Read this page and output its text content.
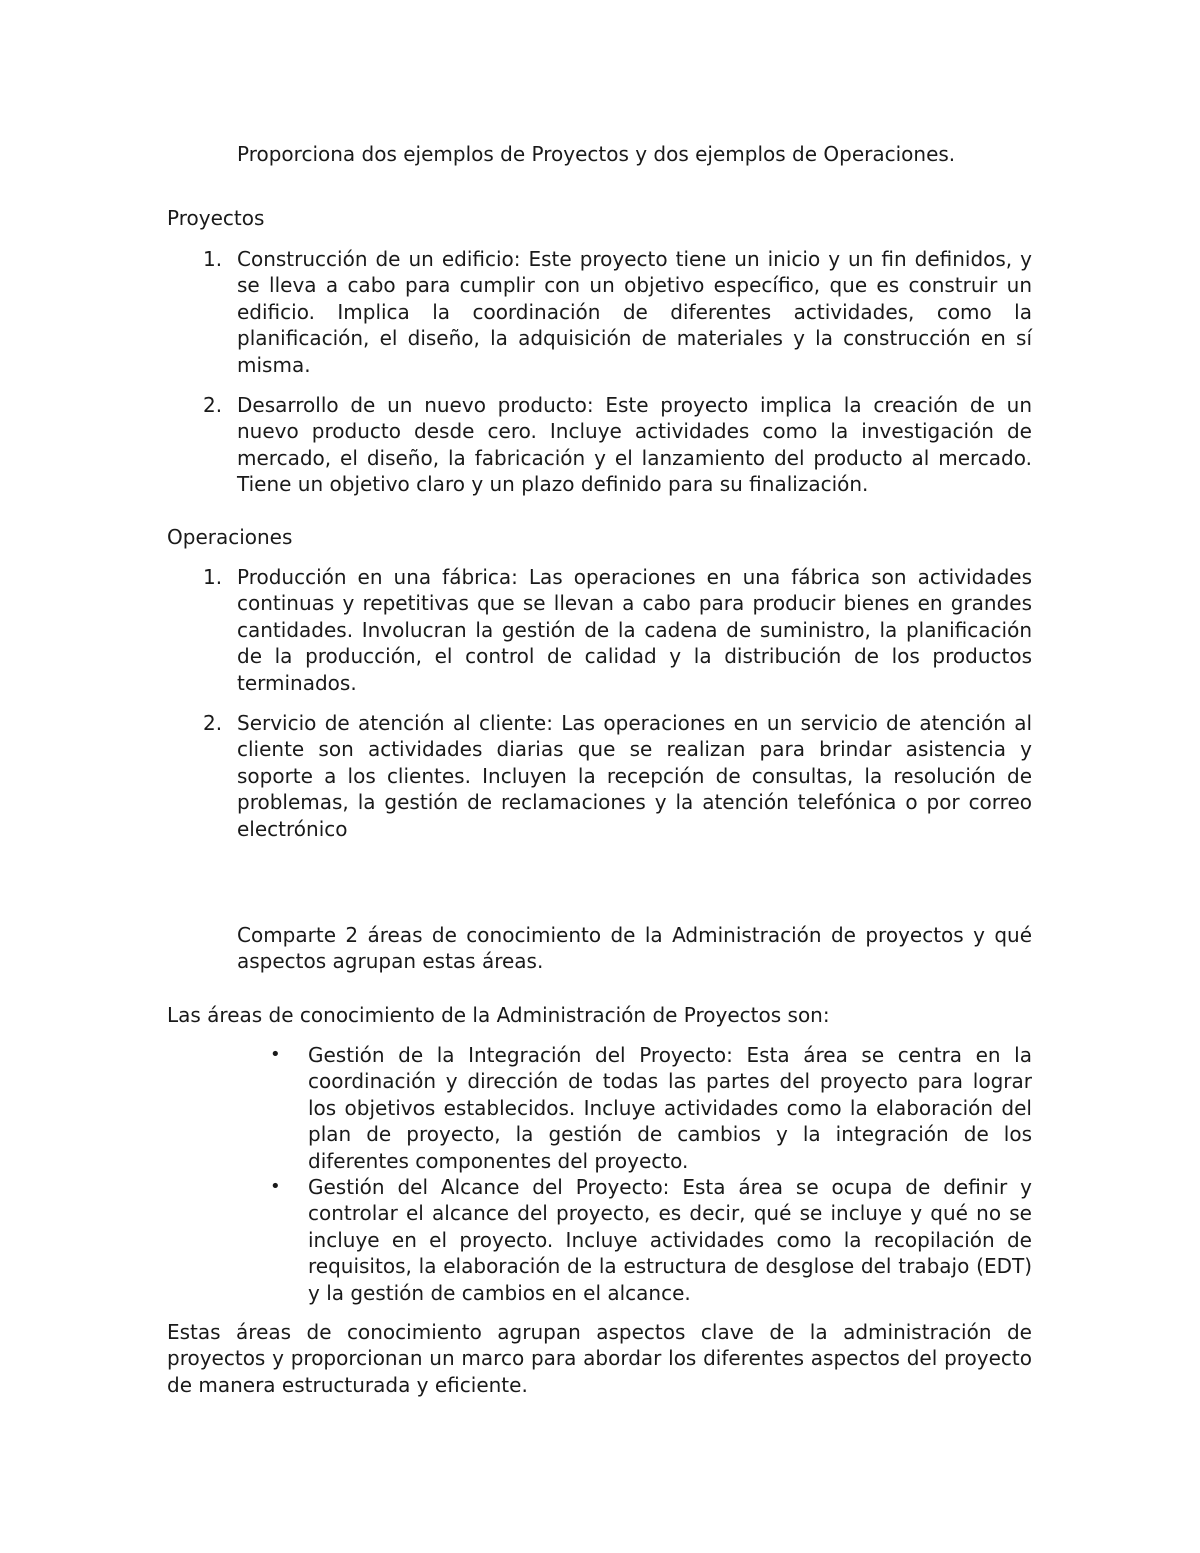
Proporciona dos ejemplos de Proyectos y dos ejemplos de Operaciones.
Proyectos
1. Construcción de un edificio: Este proyecto tiene un inicio y un fin definidos, y se lleva a cabo para cumplir con un objetivo específico, que es construir un edificio. Implica la coordinación de diferentes actividades, como la planificación, el diseño, la adquisición de materiales y la construcción en sí misma.
2. Desarrollo de un nuevo producto: Este proyecto implica la creación de un nuevo producto desde cero. Incluye actividades como la investigación de mercado, el diseño, la fabricación y el lanzamiento del producto al mercado. Tiene un objetivo claro y un plazo definido para su finalización.
Operaciones
1. Producción en una fábrica: Las operaciones en una fábrica son actividades continuas y repetitivas que se llevan a cabo para producir bienes en grandes cantidades. Involucran la gestión de la cadena de suministro, la planificación de la producción, el control de calidad y la distribución de los productos terminados.
2. Servicio de atención al cliente: Las operaciones en un servicio de atención al cliente son actividades diarias que se realizan para brindar asistencia y soporte a los clientes. Incluyen la recepción de consultas, la resolución de problemas, la gestión de reclamaciones y la atención telefónica o por correo electrónico
Comparte 2 áreas de conocimiento de la Administración de proyectos y qué aspectos agrupan estas áreas.
Las áreas de conocimiento de la Administración de Proyectos son:
• Gestión de la Integración del Proyecto: Esta área se centra en la coordinación y dirección de todas las partes del proyecto para lograr los objetivos establecidos. Incluye actividades como la elaboración del plan de proyecto, la gestión de cambios y la integración de los diferentes componentes del proyecto.
• Gestión del Alcance del Proyecto: Esta área se ocupa de definir y controlar el alcance del proyecto, es decir, qué se incluye y qué no se incluye en el proyecto. Incluye actividades como la recopilación de requisitos, la elaboración de la estructura de desglose del trabajo (EDT) y la gestión de cambios en el alcance.
Estas áreas de conocimiento agrupan aspectos clave de la administración de proyectos y proporcionan un marco para abordar los diferentes aspectos del proyecto de manera estructurada y eficiente.
